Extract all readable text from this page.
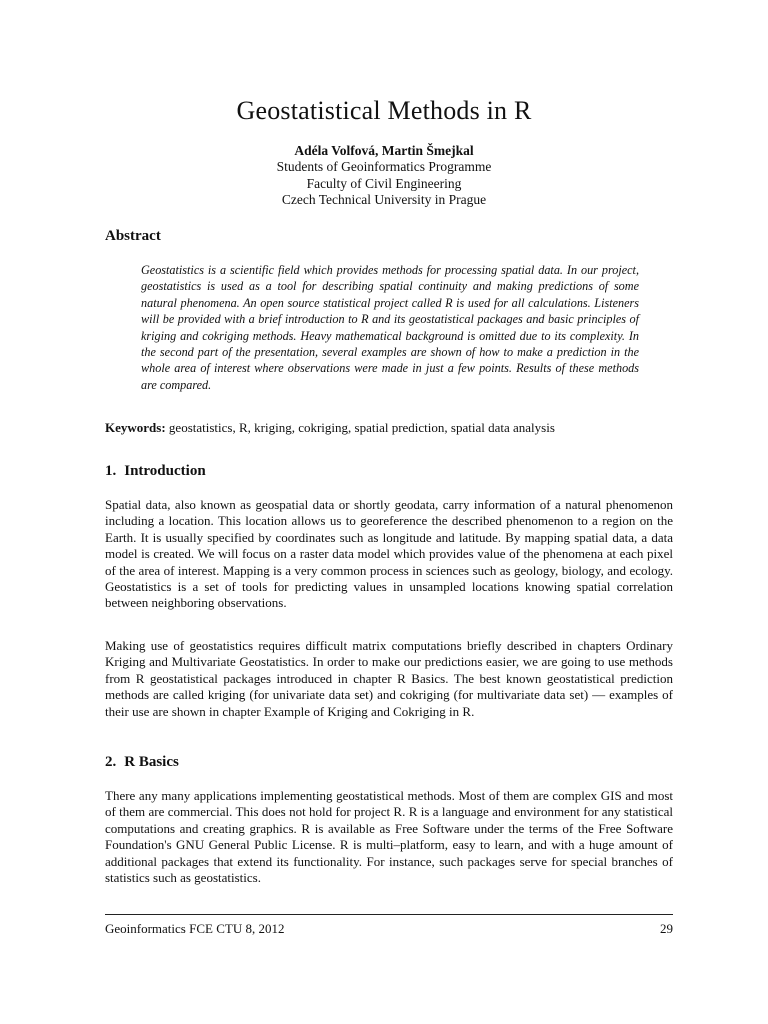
Geostatistical Methods in R
Adéla Volfová, Martin Šmejkal
Students of Geoinformatics Programme
Faculty of Civil Engineering
Czech Technical University in Prague
Abstract
Geostatistics is a scientific field which provides methods for processing spatial data. In our project, geostatistics is used as a tool for describing spatial continuity and making predictions of some natural phenomena. An open source statistical project called R is used for all calculations. Listeners will be provided with a brief introduction to R and its geostatistical packages and basic principles of kriging and cokriging methods. Heavy mathematical background is omitted due to its complexity. In the second part of the presentation, several examples are shown of how to make a prediction in the whole area of interest where observations were made in just a few points. Results of these methods are compared.
Keywords: geostatistics, R, kriging, cokriging, spatial prediction, spatial data analysis
1. Introduction
Spatial data, also known as geospatial data or shortly geodata, carry information of a natural phenomenon including a location. This location allows us to georeference the described phenomenon to a region on the Earth. It is usually specified by coordinates such as longitude and latitude. By mapping spatial data, a data model is created. We will focus on a raster data model which provides value of the phenomena at each pixel of the area of interest. Mapping is a very common process in sciences such as geology, biology, and ecology. Geostatistics is a set of tools for predicting values in unsampled locations knowing spatial correlation between neighboring observations.
Making use of geostatistics requires difficult matrix computations briefly described in chapters Ordinary Kriging and Multivariate Geostatistics. In order to make our predictions easier, we are going to use methods from R geostatistical packages introduced in chapter R Basics. The best known geostatistical prediction methods are called kriging (for univariate data set) and cokriging (for multivariate data set) — examples of their use are shown in chapter Example of Kriging and Cokriging in R.
2. R Basics
There any many applications implementing geostatistical methods. Most of them are complex GIS and most of them are commercial. This does not hold for project R. R is a language and environment for any statistical computations and creating graphics. R is available as Free Software under the terms of the Free Software Foundation's GNU General Public License. R is multi–platform, easy to learn, and with a huge amount of additional packages that extend its functionality. For instance, such packages serve for special branches of statistics such as geostatistics.
Geoinformatics FCE CTU 8, 2012	29
